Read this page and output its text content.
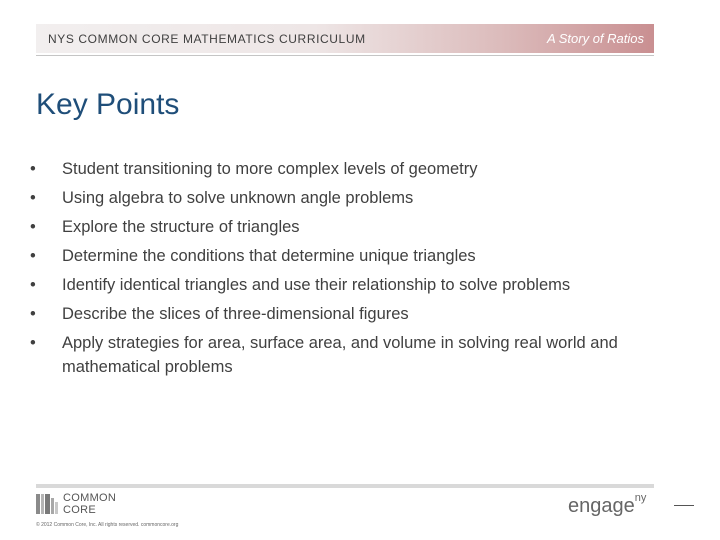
NYS COMMON CORE MATHEMATICS CURRICULUM	A Story of Ratios
Key Points
• Student transitioning to more complex levels of geometry
• Using algebra to solve unknown angle problems
• Explore the structure of triangles
• Determine the conditions that determine unique triangles
• Identify identical triangles and use their relationship to solve problems
• Describe the slices of three-dimensional figures
• Apply strategies for area, surface area, and volume in solving real world and mathematical problems
COMMON
CORE
© 2012 Common Core, Inc. All rights reserved. commoncore.org
engage$^{ny}$
